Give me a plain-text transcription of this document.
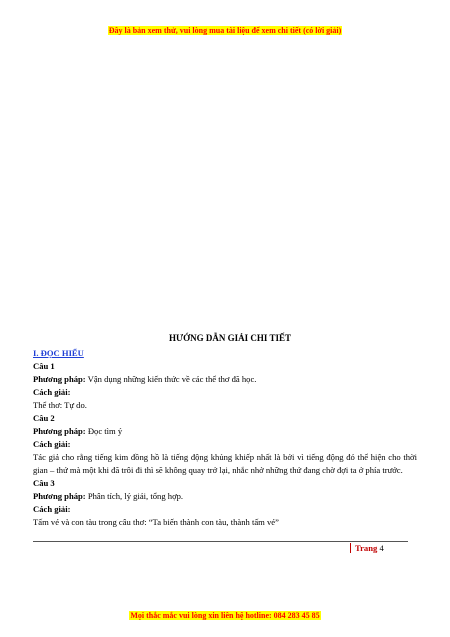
Đây là bản xem thử, vui lòng mua tài liệu để xem chi tiết (có lời giải)
HƯỚNG DẪN GIẢI CHI TIẾT
I. ĐỌC HIỂU
Câu 1
Phương pháp: Vận dụng những kiến thức về các thể thơ đã học.
Cách giải:
Thể thơ: Tự do.
Câu 2
Phương pháp: Đọc tìm ý
Cách giải:
Tác giả cho rằng tiếng kim đồng hồ là tiếng động khủng khiếp nhất là bởi vì tiếng động đó thể hiện cho thời gian – thứ mà một khi đã trôi đi thì sẽ không quay trở lại, nhắc nhở những thứ đang chờ đợi ta ở phía trước.
Câu 3
Phương pháp: Phân tích, lý giải, tổng hợp.
Cách giải:
Tấm vé và con tàu trong câu thơ: “Ta biến thành con tàu, thành tấm vé”
Trang 4
Mọi thắc mắc vui lòng xin liên hệ hotline: 084 283 45 85
